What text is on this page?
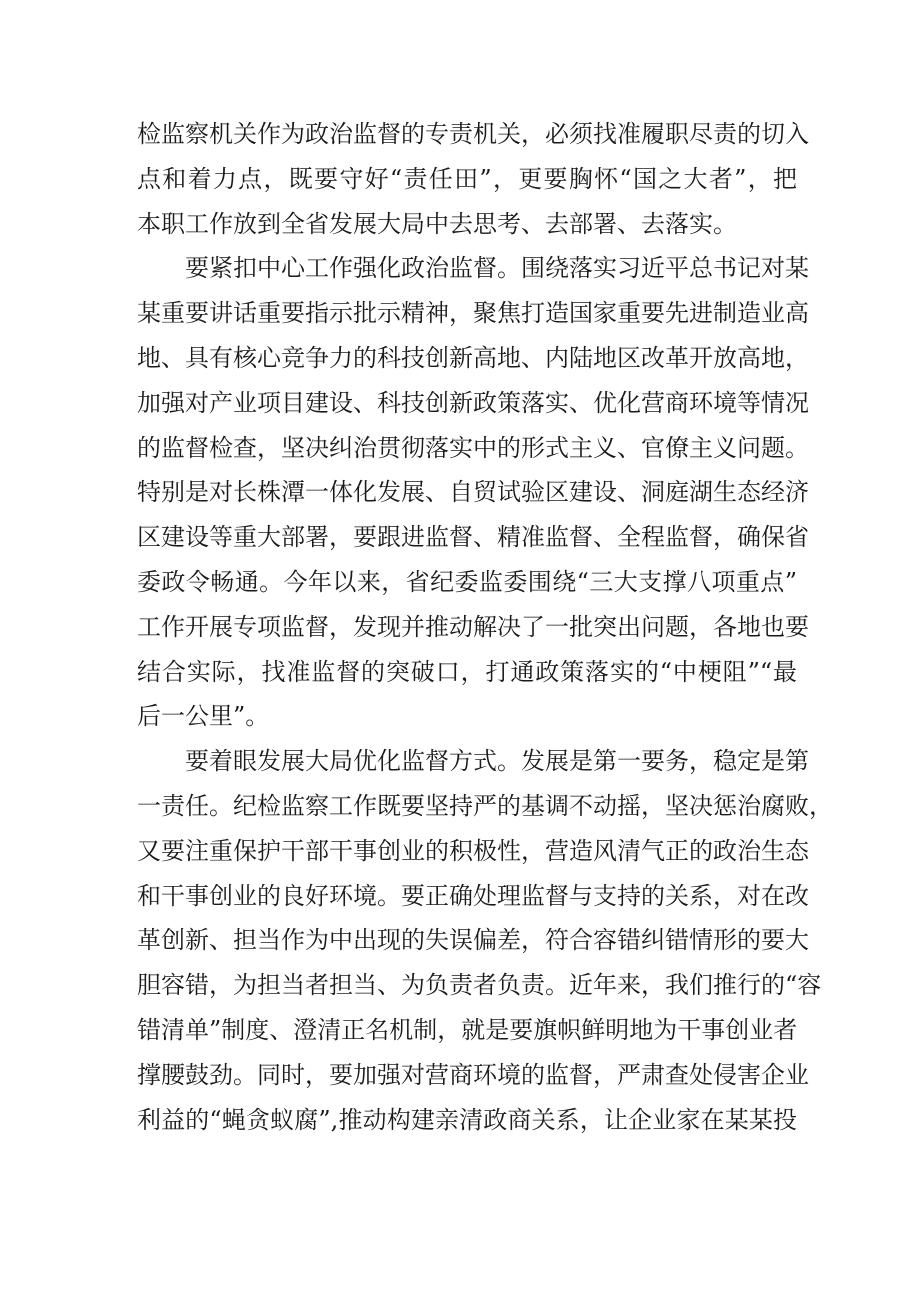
检监察机关作为政治监督的专责机关，必须找准履职尽责的切入
点和着力点，既要守好“责任田”，更要胸怀“国之大者”，把
本职工作放到全省发展大局中去思考、去部署、去落实。
要紧扣中心工作强化政治监督。围绕落实习近平总书记对某
某重要讲话重要指示批示精神，聚焦打造国家重要先进制造业高
地、具有核心竞争力的科技创新高地、内陆地区改革开放高地，
加强对产业项目建设、科技创新政策落实、优化营商环境等情况
的监督检查，坚决纠治贯彻落实中的形式主义、官僚主义问题。
特别是对长株潭一体化发展、自贸试验区建设、洞庭湖生态经济
区建设等重大部署，要跟进监督、精准监督、全程监督，确保省
委政令畅通。今年以来，省纪委监委围绕“三大支撑八项重点”
工作开展专项监督，发现并推动解决了一批突出问题，各地也要
结合实际，找准监督的突破口，打通政策落实的“中梗阻”“最
后一公里”。
要着眼发展大局优化监督方式。发展是第一要务，稳定是第
一责任。纪检监察工作既要坚持严的基调不动摇，坚决惩治腐败，
又要注重保护干部干事创业的积极性，营造风清气正的政治生态
和干事创业的良好环境。要正确处理监督与支持的关系，对在改
革创新、担当作为中出现的失误偏差，符合容错纠错情形的要大
胆容错，为担当者担当、为负责者负责。近年来，我们推行的“容
错清单”制度、澄清正名机制，就是要旗帜鲜明地为干事创业者
撑腰鼓劲。同时，要加强对营商环境的监督，严肃查处侵害企业
利益的“蝇贪蚁腐”,推动构建亲清政商关系，让企业家在某某投
